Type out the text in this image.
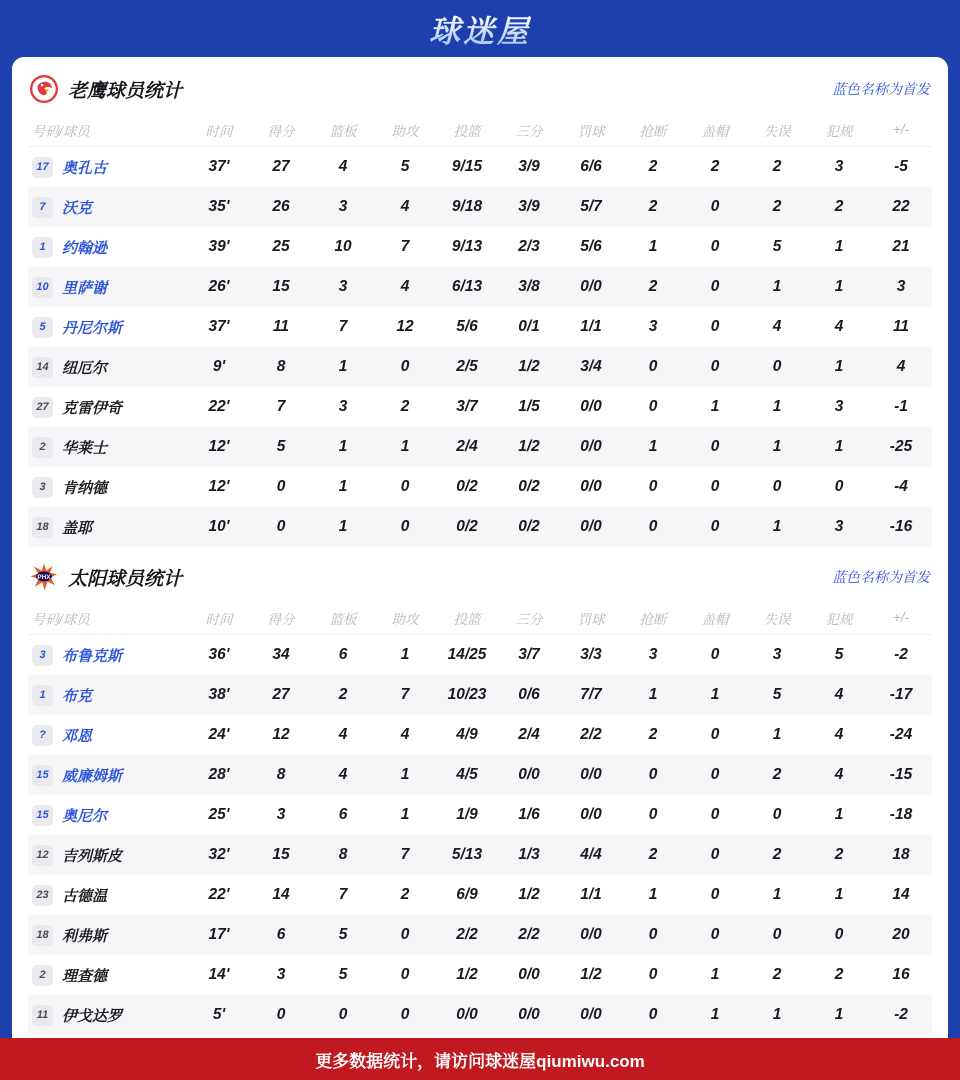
球迷屋
老鹰球员统计	蓝色名称为首发
号码/球员	时间	得分	篮板	助攻	投篮	三分	罚球	抢断	盖帽	失误	犯规	+/-
17 奥孔古	37'	27	4	5	9/15	3/9	6/6	2	2	2	3	-5
7	沃克	35'	26	3	4	9/18	3/9	5/7	2	0	2	2	22
1	约翰逊	39'	25	10	7	9/13	2/3	5/6	1	0	5	1	21
10 里萨谢	26'	15	3	4	6/13	3/8	0/0	2	0	1	1	3
5	丹尼尔斯	37'	11	7	12	5/6	0/1	1/1	3	0	4	4	11
14 纽厄尔	9'	8	1	0	2/5	1/2	3/4	0	0	0	1	4
27 克雷伊奇	22'	7	3	2	3/7	1/5	0/0	0	1	1	3	-1
2	华莱士	12'	5	1	1	2/4	1/2	0/0	1	0	1	1	-25
3	肯纳德	12'	0	1	0	0/2	0/2	0/0	0	0	0	0	-4
18 盖耶	10'	0	1	0	0/2	0/2	0/0	0	0	1	3	-16
PHX 太阳球员统计	蓝色名称为首发
号码/球员	时间	得分	篮板	助攻	投篮	三分	罚球	抢断	盖帽	失误	犯规	+/-
3	布鲁克斯	36'	34	6	1	14/25	3/7	3/3	3	0	3	5	-2
1	布克	38'	27	2	7	10/23	0/6	7/7	1	1	5	4	-17
?	邓恩	24'	12	4	4	4/9	2/4	2/2	2	0	1	4	-24
15 威廉姆斯	28'	8	4	1	4/5	0/0	0/0	0	0	2	4	-15
15 奥尼尔	25'	3	6	1	1/9	1/6	0/0	0	0	0	1	-18
12 吉列斯皮	32'	15	8	7	5/13	1/3	4/4	2	0	2	2	18
23 古德温	22'	14	7	2	6/9	1/2	1/1	1	0	1	1	14
18 利弗斯	17'	6	5	0	2/2	2/2	0/0	0	0	0	0	20
2	理查德	14'	3	5	0	1/2	0/0	1/2	0	1	2	2	16
11 伊戈达罗	5'	0	0	0	0/0	0/0	0/0	0	1	1	1	-2
更多数据统计，请访问球迷屋qiumiwu.com
